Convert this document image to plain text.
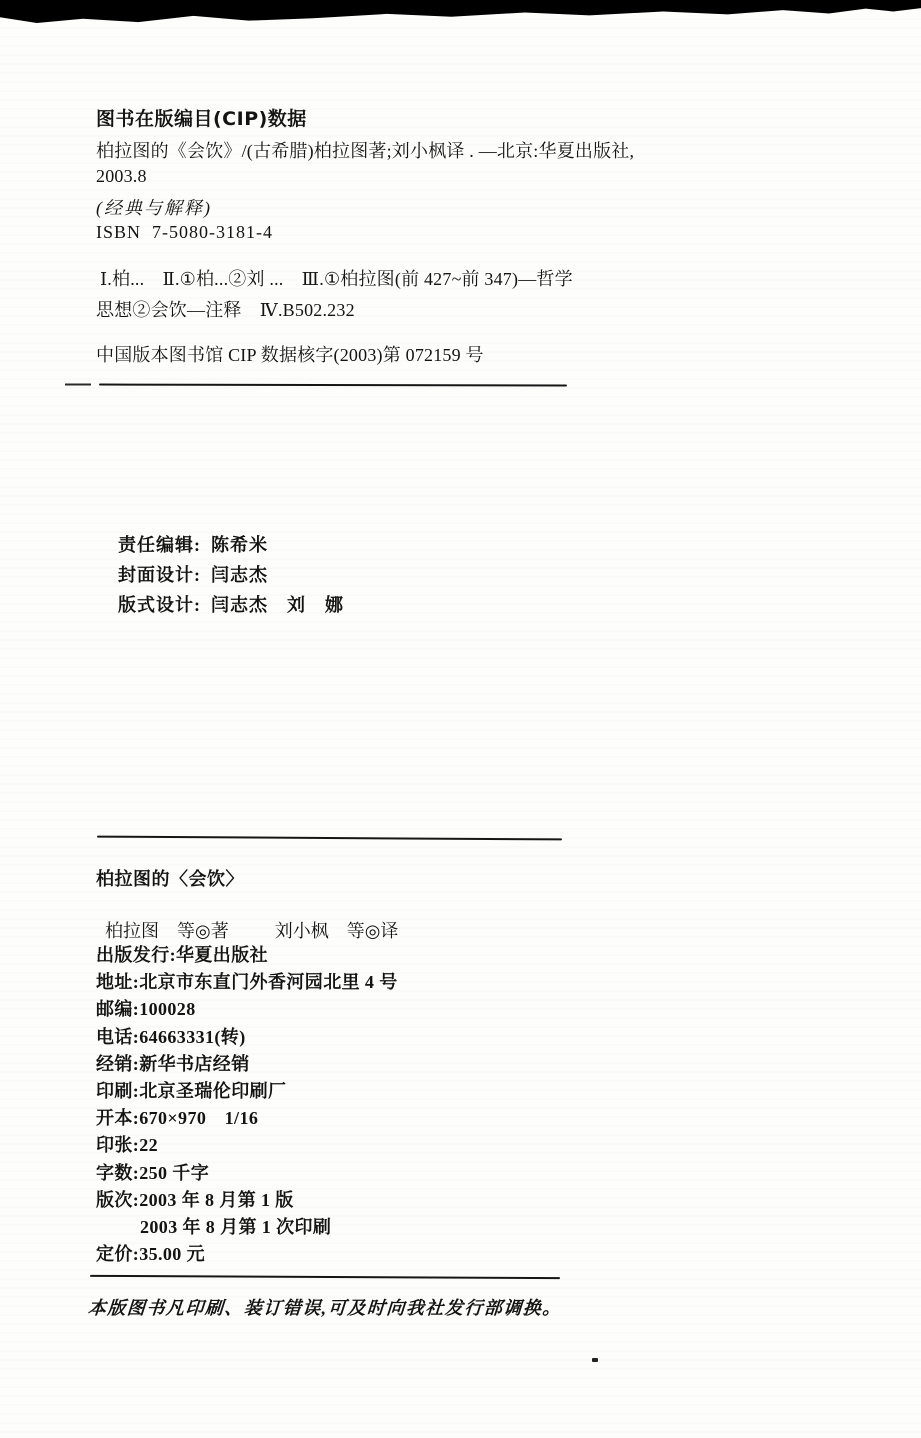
图书在版编目(CIP)数据
柏拉图的《会饮》/(古希腊)柏拉图著;刘小枫译 . —北京:华夏出版社,
2003.8
(经典与解释)
ISBN  7-5080-3181-4
Ⅰ.柏...　Ⅱ.①柏...②刘 ...　Ⅲ.①柏拉图(前 427~前 347)—哲学
思想②会饮—注释　Ⅳ.B502.232
中国版本图书馆 CIP 数据核字(2003)第 072159 号

责任编辑: 陈希米

封面设计: 闫志杰

版式设计: 闫志杰　刘　娜

柏拉图的〈会饮〉

柏拉图 等◎著	刘小枫 等◎译

出版发行:华夏出版社
地址:北京市东直门外香河园北里 4 号
邮编:100028
电话:64663331(转)
经销:新华书店经销
印刷:北京圣瑞伦印刷厂
开本:670×970　1/16
印张:22
字数:250 千字
版次:2003 年 8 月第 1 版
2003 年 8 月第 1 次印刷
定价:35.00 元
本版图书凡印刷、装订错误,可及时向我社发行部调换。
